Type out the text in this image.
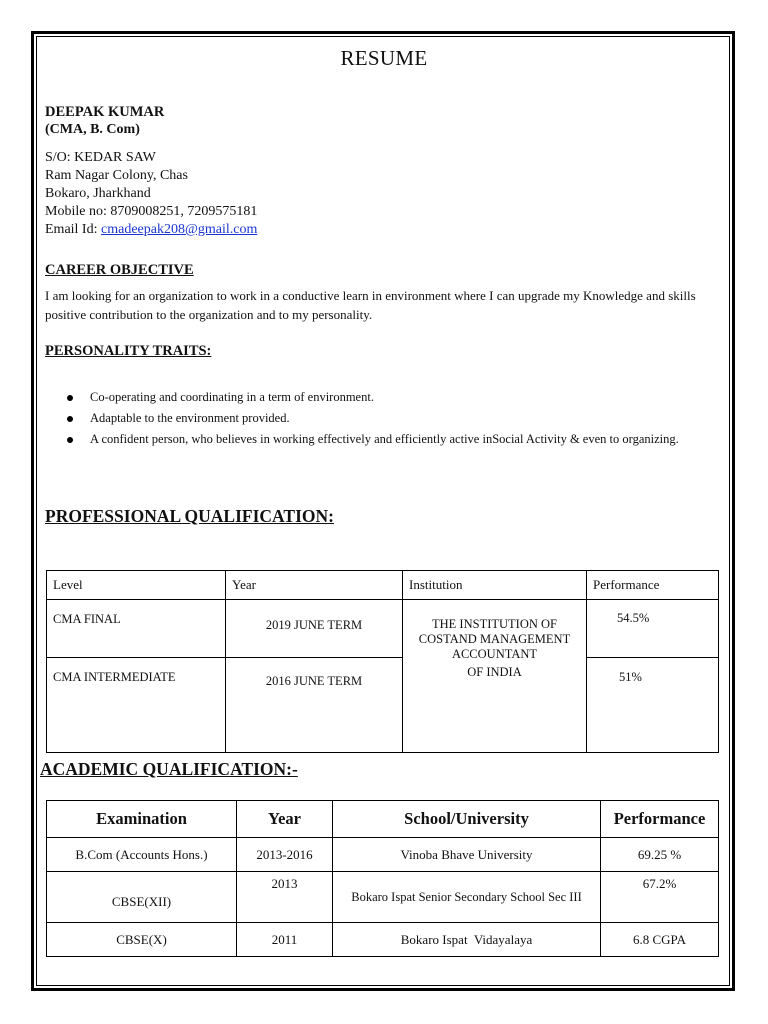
RESUME
DEEPAK KUMAR
(CMA, B. Com)
S/O: KEDAR SAW
Ram Nagar Colony, Chas
Bokaro, Jharkhand
Mobile no: 8709008251, 7209575181
Email Id: cmadeepak208@gmail.com
CAREER OBJECTIVE
I am looking for an organization to work in a conductive learn in environment where I can upgrade my Knowledge and skills positive contribution to the organization and to my personality.
PERSONALITY TRAITS:
Co-operating and coordinating in a term of environment.
Adaptable to the environment provided.
A confident person, who believes in working effectively and efficiently active inSocial Activity & even to organizing.
PROFESSIONAL QUALIFICATION:
Level	Year	Institution	Performance
CMA FINAL	2019 JUNE TERM	THE INSTITUTION OF
COSTAND MANAGEMENT
ACCOUNTANT
OF INDIA	54.5%
CMA INTERMEDIATE	2016 JUNE TERM		51%
ACADEMIC QUALIFICATION:-
Examination	Year	School/University	Performance
B.Com (Accounts Hons.)	2013-2016	Vinoba Bhave University	69.25 %
CBSE(XII)	2013	Bokaro Ispat Senior Secondary School Sec III	67.2%
CBSE(X)	2011	Bokaro Ispat  Vidayalaya	6.8 CGPA
